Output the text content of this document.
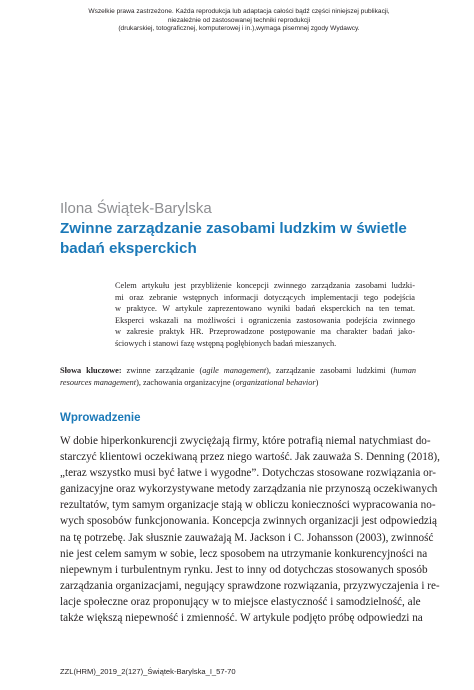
Wszelkie prawa zastrzeżone. Każda reprodukcja lub adaptacja całości bądź części niniejszej publikacji,
niezależnie od zastosowanej techniki reprodukcji
(drukarskiej, totograficznej, komputerowej i in.),wymaga pisemnej zgody Wydawcy.
Ilona Świątek-Barylska
Zwinne zarządzanie zasobami ludzkim w świetle
badań eksperckich
Celem artykułu jest przybliżenie koncepcji zwinnego zarządzania zasobami ludzki-
mi oraz zebranie wstępnych informacji dotyczących implementacji tego podejścia
w praktyce. W artykule zaprezentowano wyniki badań eksperckich na ten temat.
Eksperci wskazali na możliwości i ograniczenia zastosowania podejścia zwinnego
w zakresie praktyk HR. Przeprowadzone postępowanie ma charakter badań jako-
ściowych i stanowi fazę wstępną pogłębionych badań mieszanych.
Słowa kluczowe: zwinne zarządzanie (agile management), zarządzanie zasobami ludzkimi (human
resources management), zachowania organizacyjne (organizational behavior)
Wprowadzenie
W dobie hiperkonkurencji zwyciężają firmy, które potrafią niemal natychmiast do-
starczyć klientowi oczekiwaną przez niego wartość. Jak zauważa S. Denning (2018),
„teraz wszystko musi być łatwe i wygodne”. Dotychczas stosowane rozwiązania or-
ganizacyjne oraz wykorzystywane metody zarządzania nie przynoszą oczekiwanych
rezultatów, tym samym organizacje stają w obliczu konieczności wypracowania no-
wych sposobów funkcjonowania. Koncepcja zwinnych organizacji jest odpowiedzią
na tę potrzebę. Jak słusznie zauważają M. Jackson i C. Johansson (2003), zwinność
nie jest celem samym w sobie, lecz sposobem na utrzymanie konkurencyjności na
niepewnym i turbulentnym rynku. Jest to inny od dotychczas stosowanych sposób
zarządzania organizacjami, negujący sprawdzone rozwiązania, przyzwyczajenia i re-
lacje społeczne oraz proponujący w to miejsce elastyczność i samodzielność, ale
także większą niepewność i zmienność. W artykule podjęto próbę odpowiedzi na
ZZL(HRM)_2019_2(127)_Świątek-Barylska_I_57-70
